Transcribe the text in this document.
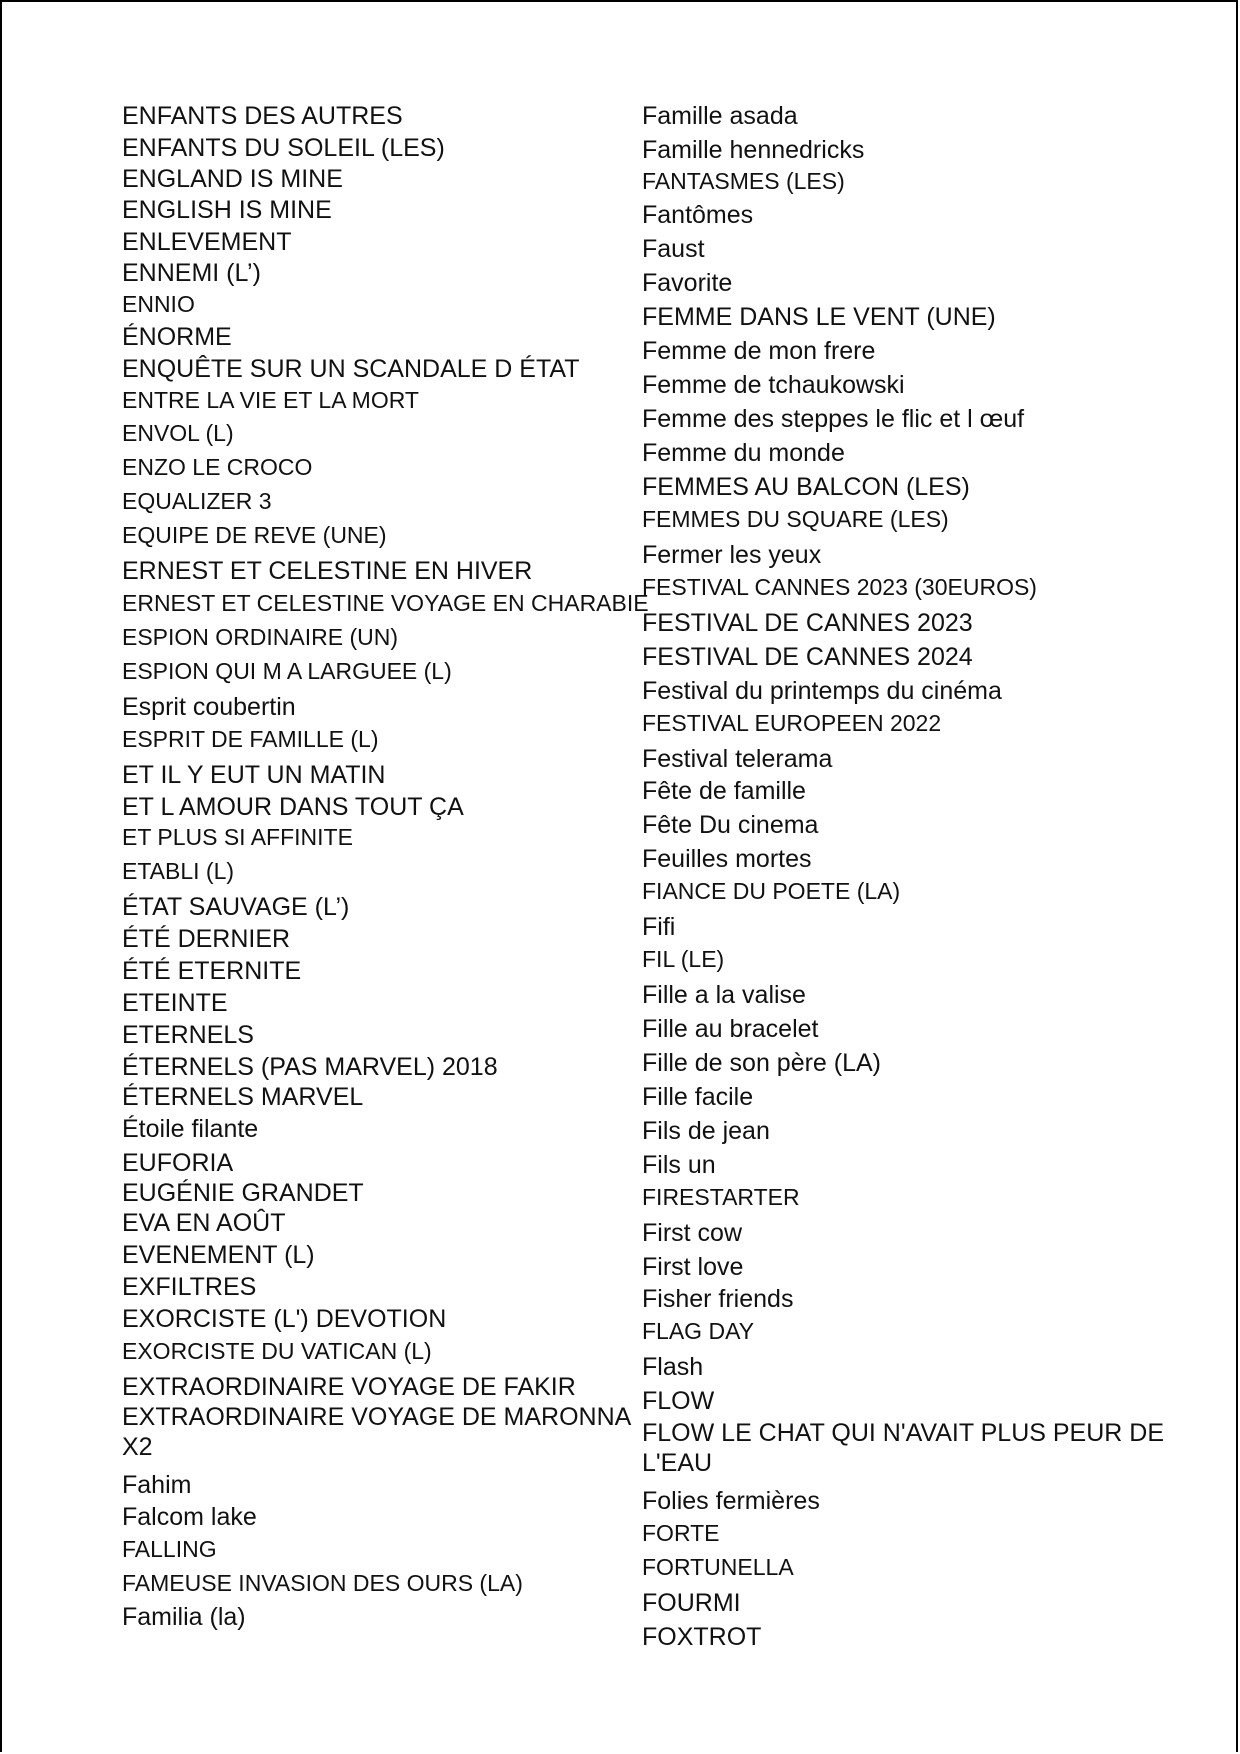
ENFANTS DES AUTRES
ENFANTS DU SOLEIL (LES)
ENGLAND IS MINE
ENGLISH IS MINE
ENLEVEMENT
ENNEMI (L’)
ENNIO
ÉNORME
ENQUÊTE SUR UN SCANDALE D ÉTAT
ENTRE LA VIE ET LA MORT
ENVOL (L)
ENZO LE CROCO
EQUALIZER 3
EQUIPE DE REVE (UNE)
ERNEST ET CELESTINE EN HIVER
ERNEST ET CELESTINE VOYAGE EN CHARABIE
ESPION ORDINAIRE (UN)
ESPION QUI M A LARGUEE (L)
Esprit coubertin
ESPRIT DE FAMILLE (L)
ET IL Y EUT UN MATIN
ET L AMOUR DANS TOUT ÇA
ET PLUS SI AFFINITE
ETABLI (L)
ÉTAT SAUVAGE (L’)
ÉTÉ DERNIER
ÉTÉ ETERNITE
ETEINTE
ETERNELS
ÉTERNELS (PAS MARVEL) 2018
ÉTERNELS MARVEL
Étoile filante
EUFORIA
EUGÉNIE GRANDET
EVA EN AOÛT
EVENEMENT (L)
EXFILTRES
EXORCISTE (L') DEVOTION
EXORCISTE DU VATICAN (L)
EXTRAORDINAIRE VOYAGE DE FAKIR
EXTRAORDINAIRE VOYAGE DE MARONNA X2
Fahim
Falcom lake
FALLING
FAMEUSE INVASION DES OURS (LA)
Familia (la)
Famille asada
Famille hennedricks
FANTASMES (LES)
Fantômes
Faust
Favorite
FEMME DANS LE VENT (UNE)
Femme de mon frere
Femme de tchaukowski
Femme des steppes le flic et l œuf
Femme du monde
FEMMES AU BALCON (LES)
FEMMES DU SQUARE (LES)
Fermer les yeux
FESTIVAL CANNES 2023 (30EUROS)
FESTIVAL DE CANNES 2023
FESTIVAL DE CANNES 2024
Festival du printemps du cinéma
FESTIVAL EUROPEEN 2022
Festival telerama
Fête de famille
Fête Du cinema
Feuilles mortes
FIANCE DU POETE (LA)
Fifi
FIL (LE)
Fille a la valise
Fille au bracelet
Fille de son père (LA)
Fille facile
Fils de jean
Fils un
FIRESTARTER
First cow
First love
Fisher friends
FLAG DAY
Flash
FLOW
FLOW LE CHAT QUI N'AVAIT PLUS PEUR DE L'EAU
Folies fermières
FORTE
FORTUNELLA
FOURMI
FOXTROT
